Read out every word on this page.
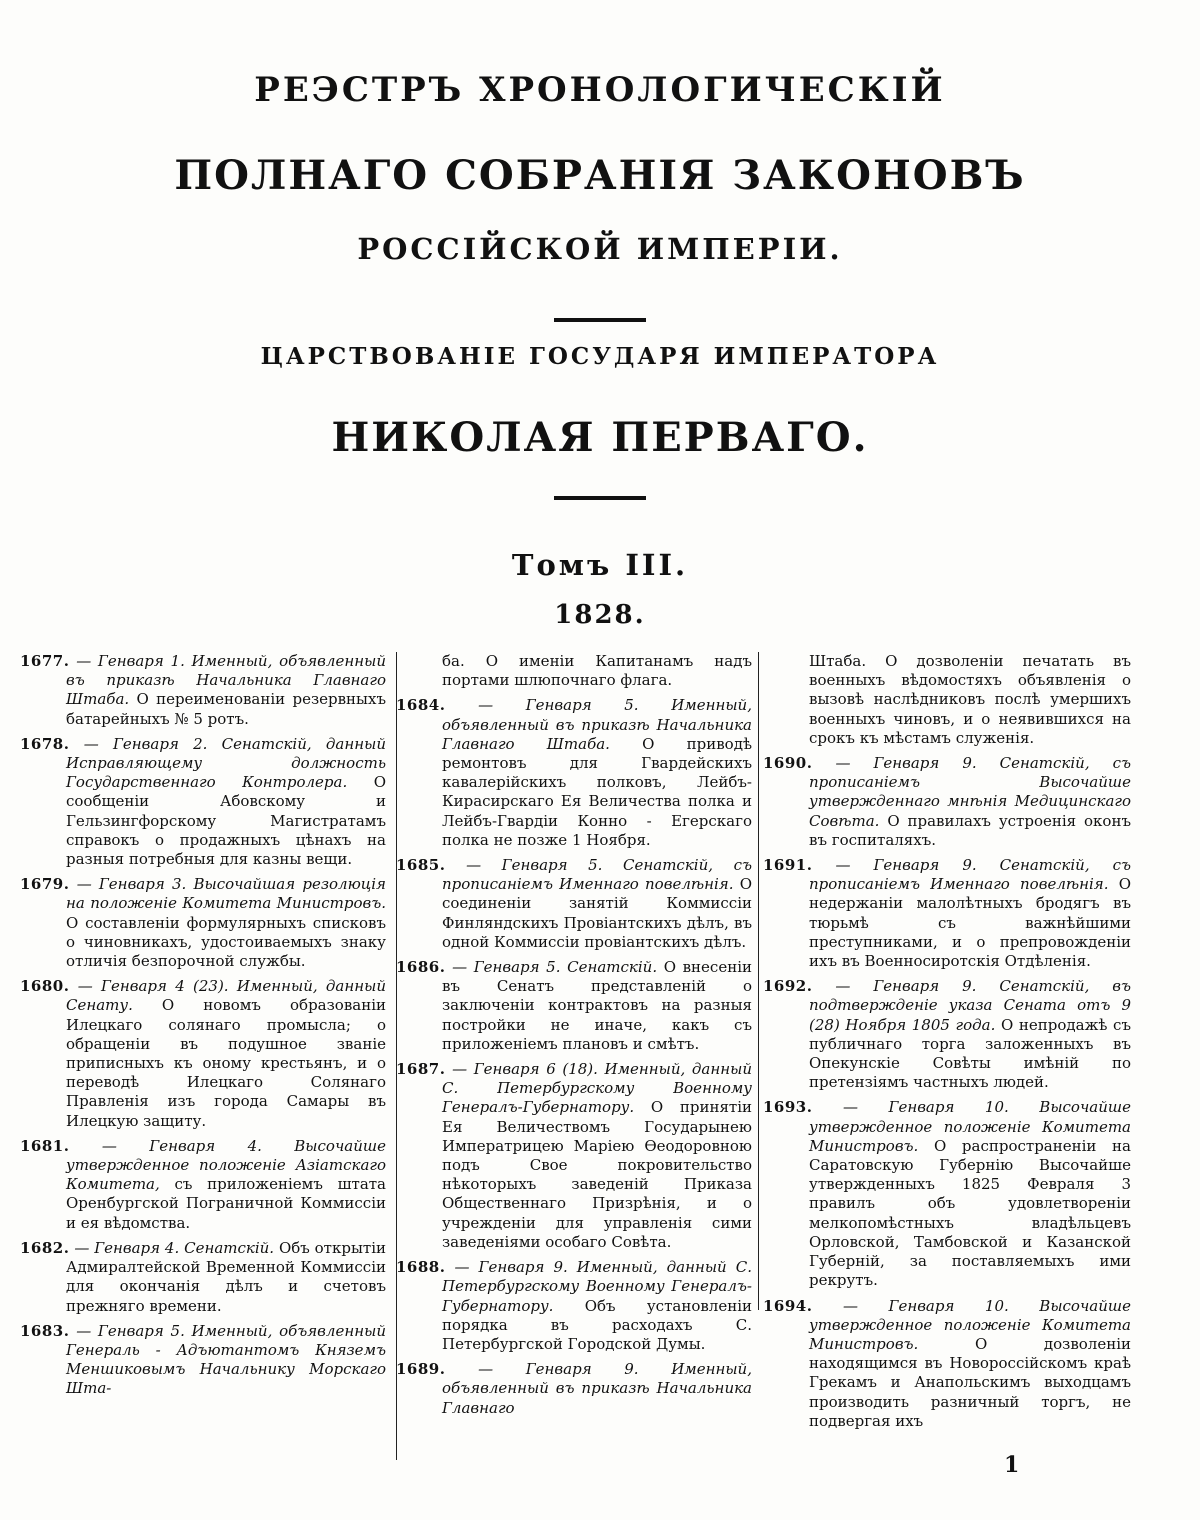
РЕЭСТРЪ ХРОНОЛОГИЧЕСКІЙ
ПОЛНАГО СОБРАНІЯ ЗАКОНОВЪ
РОССІЙСКОЙ ИМПЕРІИ.
ЦАРСТВОВАНІЕ ГОСУДАРЯ ИМПЕРАТОРА
НИКОЛАЯ ПЕРВАГО.
Томъ III.
1828.

1677. — Генваря 1. Именный, объявленный въ приказѣ Начальника Главнаго Штаба. О переименованіи резервныхъ батарейныхъ № 5 ротъ.

1678. — Генваря 2. Сенатскій, данный Исправляющему должность Государственнаго Контролера. О сообщеніи Абовскому и Гельзингфорскому Магистратамъ справокъ о продажныхъ цѣнахъ на разныя потребныя для казны вещи.

1679. — Генваря 3. Высочайшая резолюція на положеніе Комитета Министровъ. О составленіи формулярныхъ списковъ о чиновникахъ, удостоиваемыхъ знаку отличія безпорочной службы.

1680. — Генваря 4 (23). Именный, данный Сенату. О новомъ образованіи Илецкаго солянаго промысла; о обращеніи въ подушное званіе приписныхъ къ оному крестьянъ, и о переводѣ Илецкаго Солянаго Правленія изъ города Самары въ Илецкую защиту.

1681. — Генваря 4. Высочайше утвержденное положеніе Азіатскаго Комитета, съ приложеніемъ штата Оренбургской Пограничной Коммиссіи и ея вѣдомства.

1682. — Генваря 4. Сенатскій. Объ открытіи Адмиралтейской Временной Коммиссіи для окончанія дѣлъ и счетовъ прежняго времени.

1683. — Генваря 5. Именный, объявленный Генераль - Адъютантомъ Княземъ Меншиковымъ Начальнику Морскаго Шта-

ба. О именіи Капитанамъ надъ портами шлюпочнаго флага.

1684. — Генваря 5. Именный, объявленный въ приказѣ Начальника Главнаго Штаба. О приводѣ ремонтовъ для Гвардейскихъ кавалерійскихъ полковъ, Лейбъ-Кирасирскаго Ея Величества полка и Лейбъ-Гвардіи Конно - Егерскаго полка не позже 1 Ноября.

1685. — Генваря 5. Сенатскій, съ прописаніемъ Именнаго повелѣнія. О соединеніи занятій Коммиссіи Финляндскихъ Провіантскихъ дѣлъ, въ одной Коммиссіи провіантскихъ дѣлъ.

1686. — Генваря 5. Сенатскій. О внесеніи въ Сенатъ представленій о заключеніи контрактовъ на разныя постройки не иначе, какъ съ приложеніемъ плановъ и смѣтъ.

1687. — Генваря 6 (18). Именный, данный С. Петербургскому Военному Генералъ-Губернатору. О принятіи Ея Величествомъ Государынею Императрицею Маріею Ѳеодоровною подъ Свое покровительство нѣкоторыхъ заведеній Приказа Общественнаго Призрѣнія, и о учрежденіи для управленія сими заведеніями особаго Совѣта.

1688. — Генваря 9. Именный, данный С. Петербургскому Военному Генералъ-Губернатору. Объ установленіи порядка въ расходахъ С. Петербургской Городской Думы.

1689. — Генваря 9. Именный, объявленный въ приказѣ Начальника Главнаго

Штаба. О дозволеніи печатать въ военныхъ вѣдомостяхъ объявленія о вызовѣ наслѣдниковъ послѣ умершихъ военныхъ чиновъ, и о неявившихся на срокъ къ мѣстамъ служенія.

1690. — Генваря 9. Сенатскій, съ прописаніемъ Высочайше утвержденнаго мнѣнія Медицинскаго Совѣта. О правилахъ устроенія оконъ въ госпиталяхъ.

1691. — Генваря 9. Сенатскій, съ прописаніемъ Именнаго повелѣнія. О недержаніи малолѣтныхъ бродягъ въ тюрьмѣ съ важнѣйшими преступниками, и о препровожденіи ихъ въ Военносиротскія Отдѣленія.

1692. — Генваря 9. Сенатскій, въ подтвержденіе указа Сената отъ 9 (28) Ноября 1805 года. О непродажѣ съ публичнаго торга заложенныхъ въ Опекунскіе Совѣты имѣній по претензіямъ частныхъ людей.

1693. — Генваря 10. Высочайше утвержденное положеніе Комитета Министровъ. О распространеніи на Саратовскую Губернію Высочайше утвержденныхъ 1825 Февраля 3 правилъ объ удовлетвореніи мелкопомѣстныхъ владѣльцевъ Орловской, Тамбовской и Казанской Губерній, за поставляемыхъ ими рекрутъ.

1694. — Генваря 10. Высочайше утвержденное положеніе Комитета Министровъ.	О дозволеніи находящимся въ Новороссійскомъ краѣ Грекамъ и Анапольскимъ выходцамъ производить разничный торгъ, не подвергая ихъ

1
